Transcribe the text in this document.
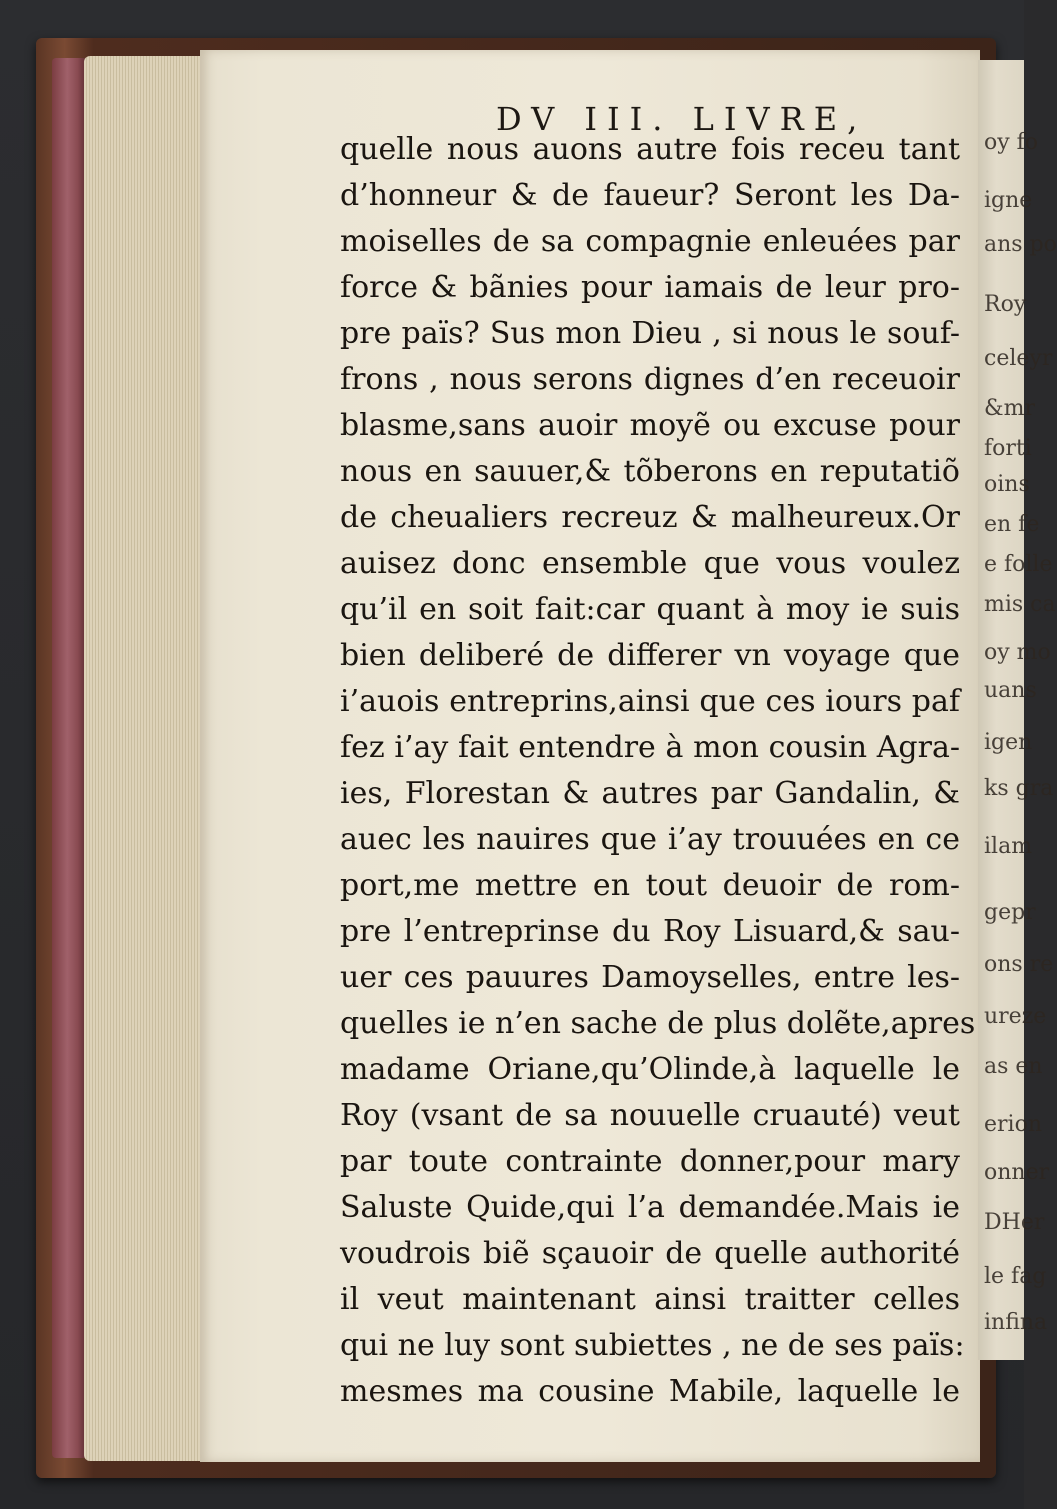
oy fo
igne
ans po
Roy
celeyr
&mr
forti
oins
en fe
e folle
mis ca
oy mo
uans
igen
ks gra
ilam
gepr
ons re
ureze
as en
erion
onner
DHer
le fag
infina
DV III. LIVRE,
quelle nous auons autre fois receu tant
d’honneur & de faueur? Seront les Da-
moiselles de sa compagnie enleuées par
force & bãnies pour iamais de leur pro-
pre païs? Sus mon Dieu , si nous le souf-
frons , nous serons dignes d’en receuoir
blasme,sans auoir moyẽ ou excuse pour
nous en sauuer,& tõberons en reputatiõ
de cheualiers recreuz & malheureux.Or
auisez donc ensemble que vous voulez
qu’il en soit fait:car quant à moy ie suis
bien deliberé de differer vn voyage que
i’auois entreprins,ainsi que ces iours paf
fez i’ay fait entendre à mon cousin Agra-
ies, Florestan & autres par Gandalin, &
auec les nauires que i’ay trouuées en ce
port,me mettre en tout deuoir de rom-
pre l’entreprinse du Roy Lisuard,& sau-
uer ces pauures Damoyselles, entre les-
quelles ie n’en sache de plus dolẽte,apres
madame Oriane,qu’Olinde,à laquelle le
Roy (vsant de sa nouuelle cruauté) veut
par toute contrainte donner,pour mary
Saluste Quide,qui l’a demandée.Mais ie
voudrois biẽ sçauoir de quelle authorité
il veut maintenant ainsi traitter celles
qui ne luy sont subiettes , ne de ses païs:
mesmes ma cousine Mabile, laquelle le
